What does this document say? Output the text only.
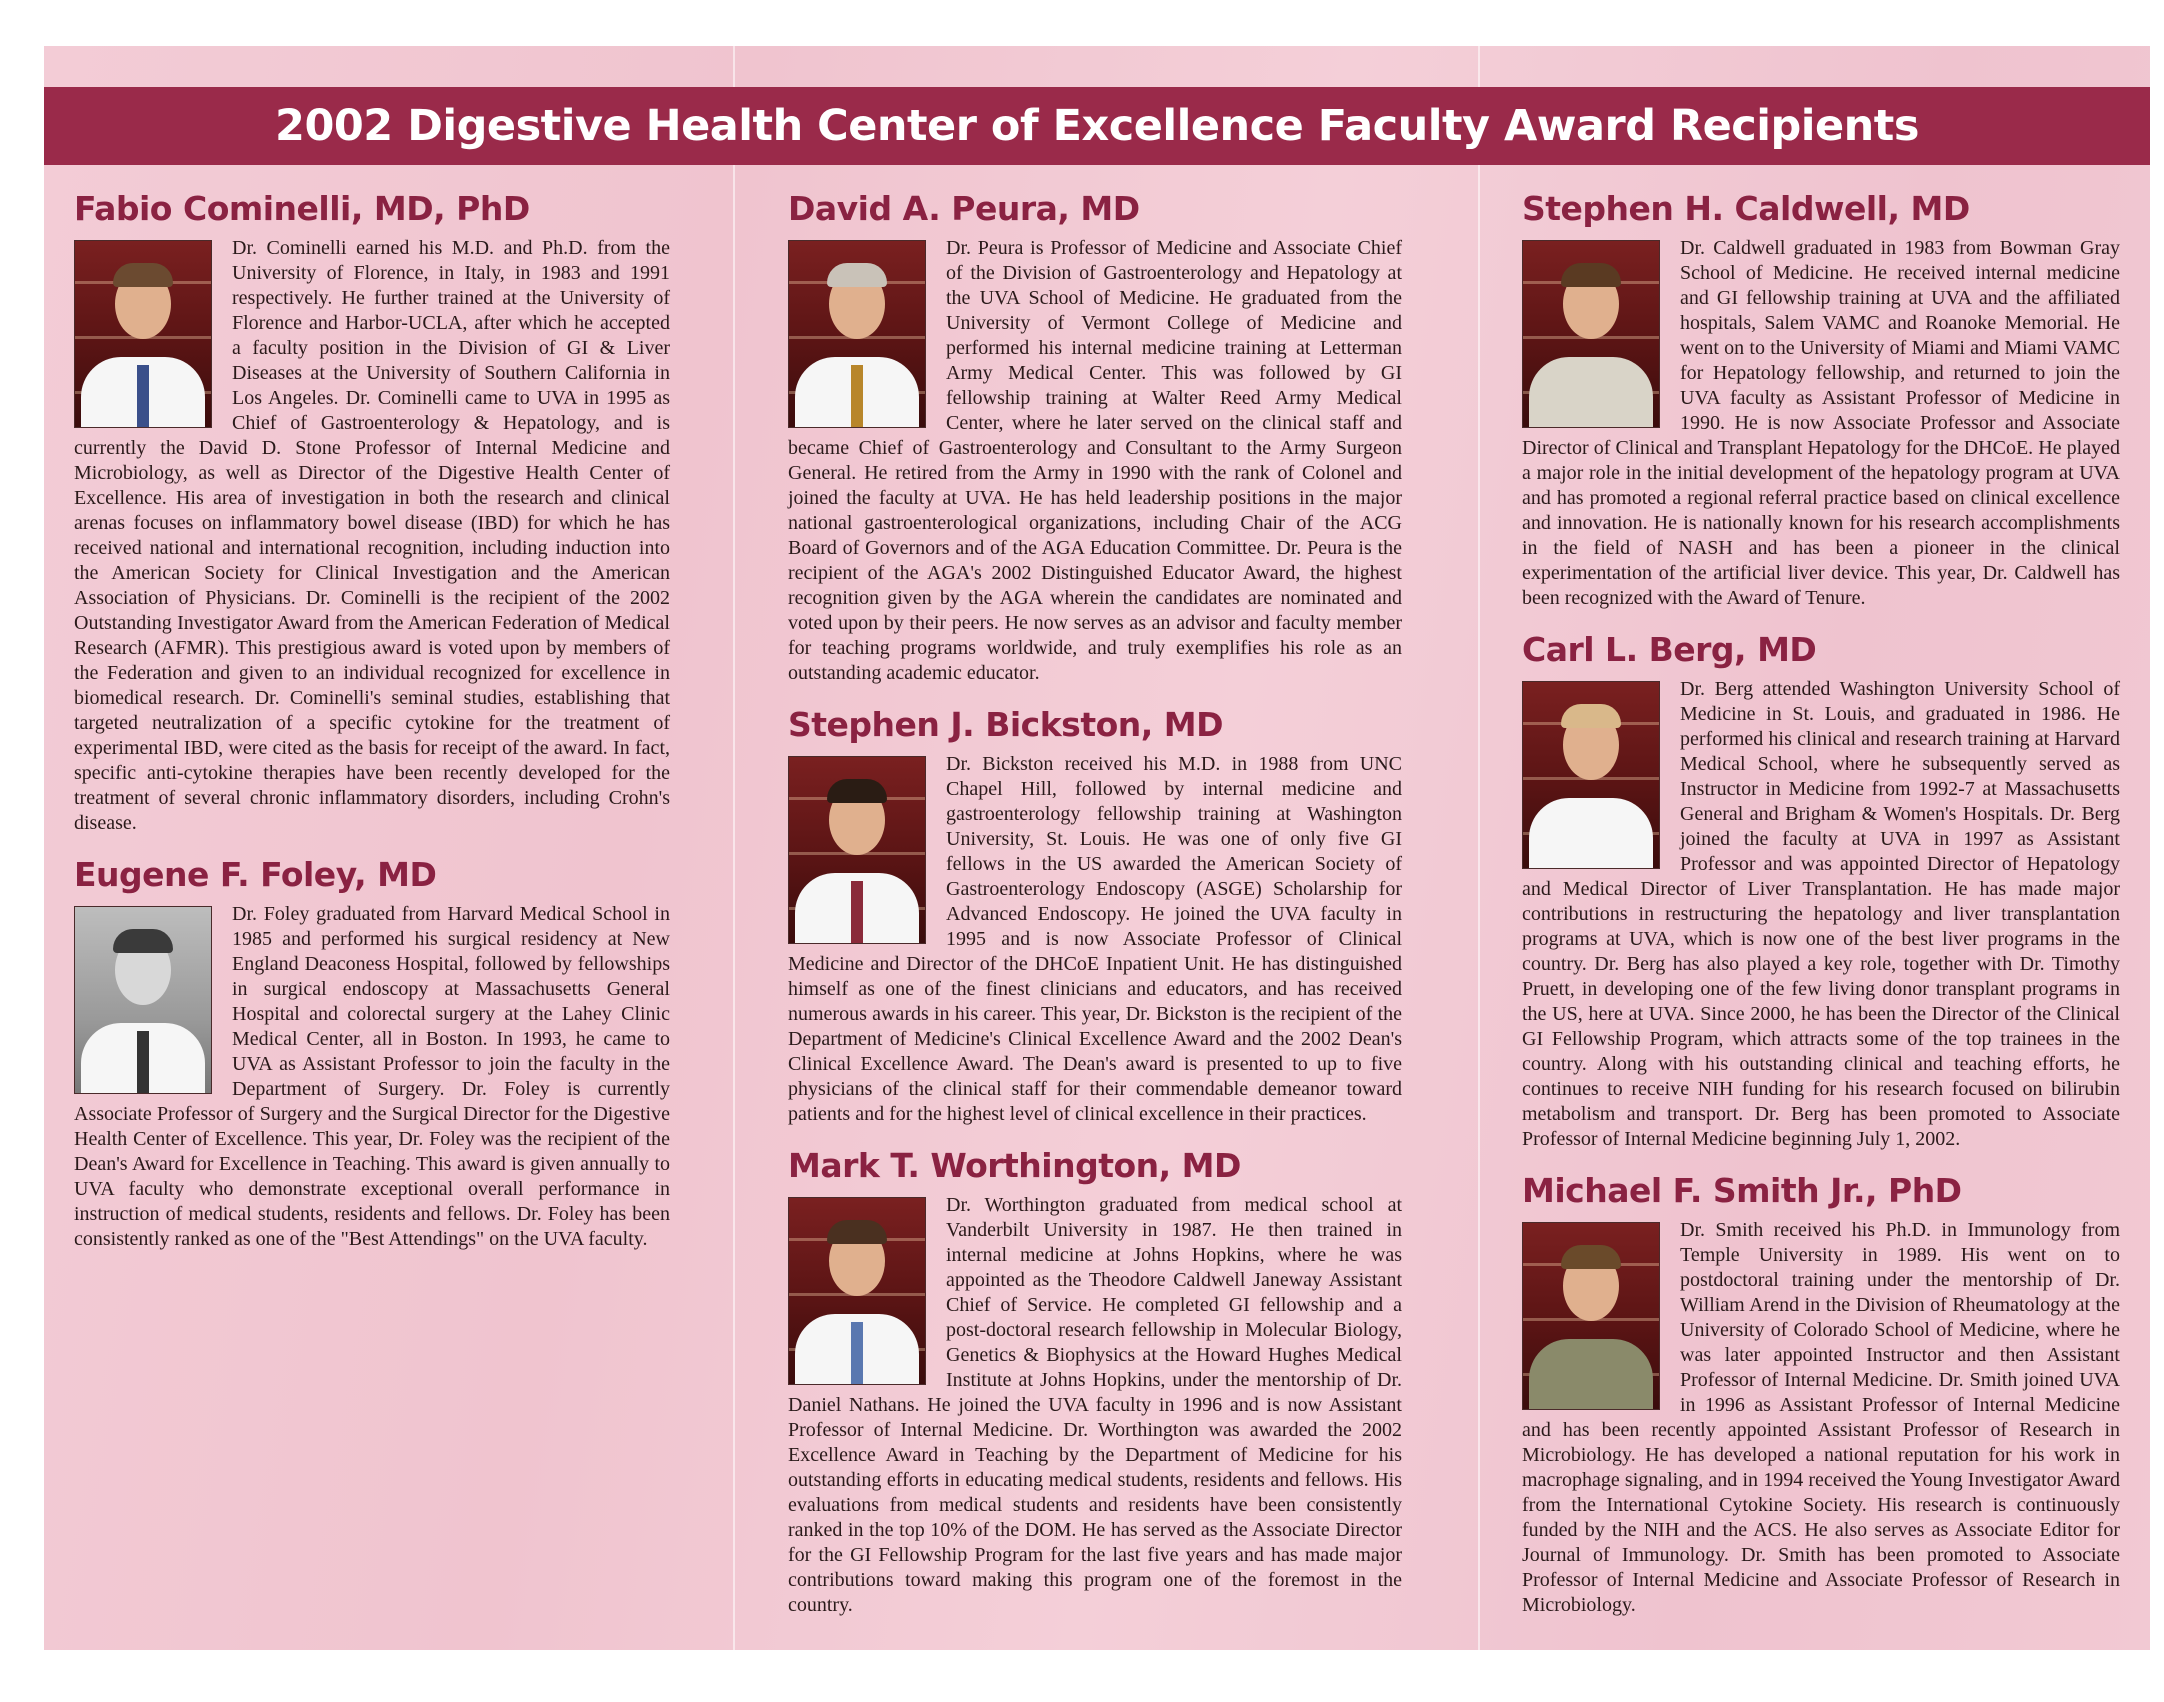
2002 Digestive Health Center of Excellence Faculty Award Recipients
Fabio Cominelli, MD, PhD

Dr. Cominelli earned his M.D. and Ph.D. from the University of Florence, in Italy, in 1983 and 1991 respectively. He further trained at the University of Florence and Harbor-UCLA, after which he accepted a faculty position in the Division of GI & Liver Diseases at the University of Southern California in Los Angeles. Dr. Cominelli came to UVA in 1995 as Chief of Gastroenterology & Hepatology, and is currently the David D. Stone Professor of Internal Medicine and Microbiology, as well as Director of the Digestive Health Center of Excellence. His area of investigation in both the research and clinical arenas focuses on inflammatory bowel disease (IBD) for which he has received national and international recognition, including induction into the American Society for Clinical Investigation and the American Association of Physicians. Dr. Cominelli is the recipient of the 2002 Outstanding Investigator Award from the American Federation of Medical Research (AFMR). This prestigious award is voted upon by members of the Federation and given to an individual recognized for excellence in biomedical research. Dr. Cominelli's seminal studies, establishing that targeted neutralization of a specific cytokine for the treatment of experimental IBD, were cited as the basis for receipt of the award. In fact, specific anti-cytokine therapies have been recently developed for the treatment of several chronic inflammatory disorders, including Crohn's disease.

Eugene F. Foley, MD

Dr. Foley graduated from Harvard Medical School in 1985 and performed his surgical residency at New England Deaconess Hospital, followed by fellowships in surgical endoscopy at Massachusetts General Hospital and colorectal surgery at the Lahey Clinic Medical Center, all in Boston. In 1993, he came to UVA as Assistant Professor to join the faculty in the Department of Surgery. Dr. Foley is currently Associate Professor of Surgery and the Surgical Director for the Digestive Health Center of Excellence. This year, Dr. Foley was the recipient of the Dean's Award for Excellence in Teaching. This award is given annually to UVA faculty who demonstrate exceptional overall performance in instruction of medical students, residents and fellows. Dr. Foley has been consistently ranked as one of the "Best Attendings" on the UVA faculty.

David A. Peura, MD

Dr. Peura is Professor of Medicine and Associate Chief of the Division of Gastroenterology and Hepatology at the UVA School of Medicine. He graduated from the University of Vermont College of Medicine and performed his internal medicine training at Letterman Army Medical Center. This was followed by GI fellowship training at Walter Reed Army Medical Center, where he later served on the clinical staff and became Chief of Gastroenterology and Consultant to the Army Surgeon General. He retired from the Army in 1990 with the rank of Colonel and joined the faculty at UVA. He has held leadership positions in the major national gastroenterological organizations, including Chair of the ACG Board of Governors and of the AGA Education Committee. Dr. Peura is the recipient of the AGA's 2002 Distinguished Educator Award, the highest recognition given by the AGA wherein the candidates are nominated and voted upon by their peers. He now serves as an advisor and faculty member for teaching programs worldwide, and truly exemplifies his role as an outstanding academic educator.

Stephen J. Bickston, MD

Dr. Bickston received his M.D. in 1988 from UNC Chapel Hill, followed by internal medicine and gastroenterology fellowship training at Washington University, St. Louis. He was one of only five GI fellows in the US awarded the American Society of Gastroenterology Endoscopy (ASGE) Scholarship for Advanced Endoscopy. He joined the UVA faculty in 1995 and is now Associate Professor of Clinical Medicine and Director of the DHCoE Inpatient Unit. He has distinguished himself as one of the finest clinicians and educators, and has received numerous awards in his career. This year, Dr. Bickston is the recipient of the Department of Medicine's Clinical Excellence Award and the 2002 Dean's Clinical Excellence Award. The Dean's award is presented to up to five physicians of the clinical staff for their commendable demeanor toward patients and for the highest level of clinical excellence in their practices.

Mark T. Worthington, MD

Dr. Worthington graduated from medical school at Vanderbilt University in 1987. He then trained in internal medicine at Johns Hopkins, where he was appointed as the Theodore Caldwell Janeway Assistant Chief of Service. He completed GI fellowship and a post-doctoral research fellowship in Molecular Biology, Genetics & Biophysics at the Howard Hughes Medical Institute at Johns Hopkins, under the mentorship of Dr. Daniel Nathans. He joined the UVA faculty in 1996 and is now Assistant Professor of Internal Medicine. Dr. Worthington was awarded the 2002 Excellence Award in Teaching by the Department of Medicine for his outstanding efforts in educating medical students, residents and fellows. His evaluations from medical students and residents have been consistently ranked in the top 10% of the DOM. He has served as the Associate Director for the GI Fellowship Program for the last five years and has made major contributions toward making this program one of the foremost in the country.

Stephen H. Caldwell, MD

Dr. Caldwell graduated in 1983 from Bowman Gray School of Medicine. He received internal medicine and GI fellowship training at UVA and the affiliated hospitals, Salem VAMC and Roanoke Memorial. He went on to the University of Miami and Miami VAMC for Hepatology fellowship, and returned to join the UVA faculty as Assistant Professor of Medicine in 1990. He is now Associate Professor and Associate Director of Clinical and Transplant Hepatology for the DHCoE. He played a major role in the initial development of the hepatology program at UVA and has promoted a regional referral practice based on clinical excellence and innovation. He is nationally known for his research accomplishments in the field of NASH and has been a pioneer in the clinical experimentation of the artificial liver device. This year, Dr. Caldwell has been recognized with the Award of Tenure.

Carl L. Berg, MD

Dr. Berg attended Washington University School of Medicine in St. Louis, and graduated in 1986. He performed his clinical and research training at Harvard Medical School, where he subsequently served as Instructor in Medicine from 1992-7 at Massachusetts General and Brigham & Women's Hospitals. Dr. Berg joined the faculty at UVA in 1997 as Assistant Professor and was appointed Director of Hepatology and Medical Director of Liver Transplantation. He has made major contributions in restructuring the hepatology and liver transplantation programs at UVA, which is now one of the best liver programs in the country. Dr. Berg has also played a key role, together with Dr. Timothy Pruett, in developing one of the few living donor transplant programs in the US, here at UVA. Since 2000, he has been the Director of the Clinical GI Fellowship Program, which attracts some of the top trainees in the country. Along with his outstanding clinical and teaching efforts, he continues to receive NIH funding for his research focused on bilirubin metabolism and transport. Dr. Berg has been promoted to Associate Professor of Internal Medicine beginning July 1, 2002.

Michael F. Smith Jr., PhD

Dr. Smith received his Ph.D. in Immunology from Temple University in 1989. His went on to postdoctoral training under the mentorship of Dr. William Arend in the Division of Rheumatology at the University of Colorado School of Medicine, where he was later appointed Instructor and then Assistant Professor of Internal Medicine. Dr. Smith joined UVA in 1996 as Assistant Professor of Internal Medicine and has been recently appointed Assistant Professor of Research in Microbiology. He has developed a national reputation for his work in macrophage signaling, and in 1994 received the Young Investigator Award from the International Cytokine Society. His research is continuously funded by the NIH and the ACS. He also serves as Associate Editor for Journal of Immunology. Dr. Smith has been promoted to Associate Professor of Internal Medicine and Associate Professor of Research in Microbiology.
